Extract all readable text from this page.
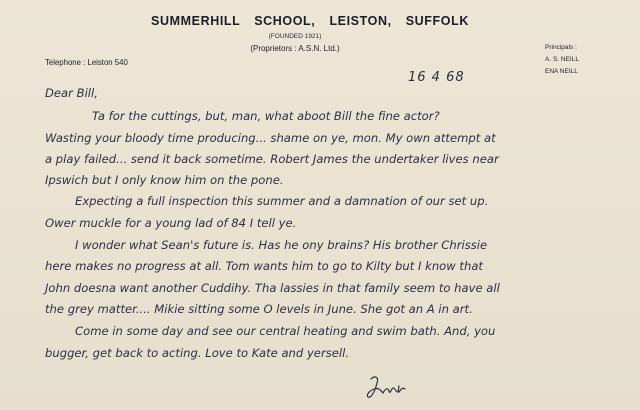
SUMMERHILL SCHOOL, LEISTON, SUFFOLK
(FOUNDED 1921)
(Proprietors : A.S.N. Ltd.)
Telephone : Leiston 540
Principals :
A. S. NEILL
ENA NEILL
16 4 68
Dear Bill,
Ta for the cuttings, but, man, what aboot Bill the fine actor?
Wasting your bloody time producing... shame on ye, mon. My own attempt at
a play failed... send it back sometime. Robert James the undertaker lives near
Ipswich but I only know him on the pone.
Expecting a full inspection this summer and a damnation of our set up.
Ower muckle for a young lad of 84 I tell ye.
I wonder what Sean's future is. Has he ony brains? His brother Chrissie
here makes no progress at all. Tom wants him to go to Kilty but I know that
John doesna want another Cuddihy. Tha lassies in that family seem to have all
the grey matter.... Mikie sitting some O levels in June. She got an A in art.
Come in some day and see our central heating and swim bath. And, you
bugger, get back to acting. Love to Kate and yersell.
